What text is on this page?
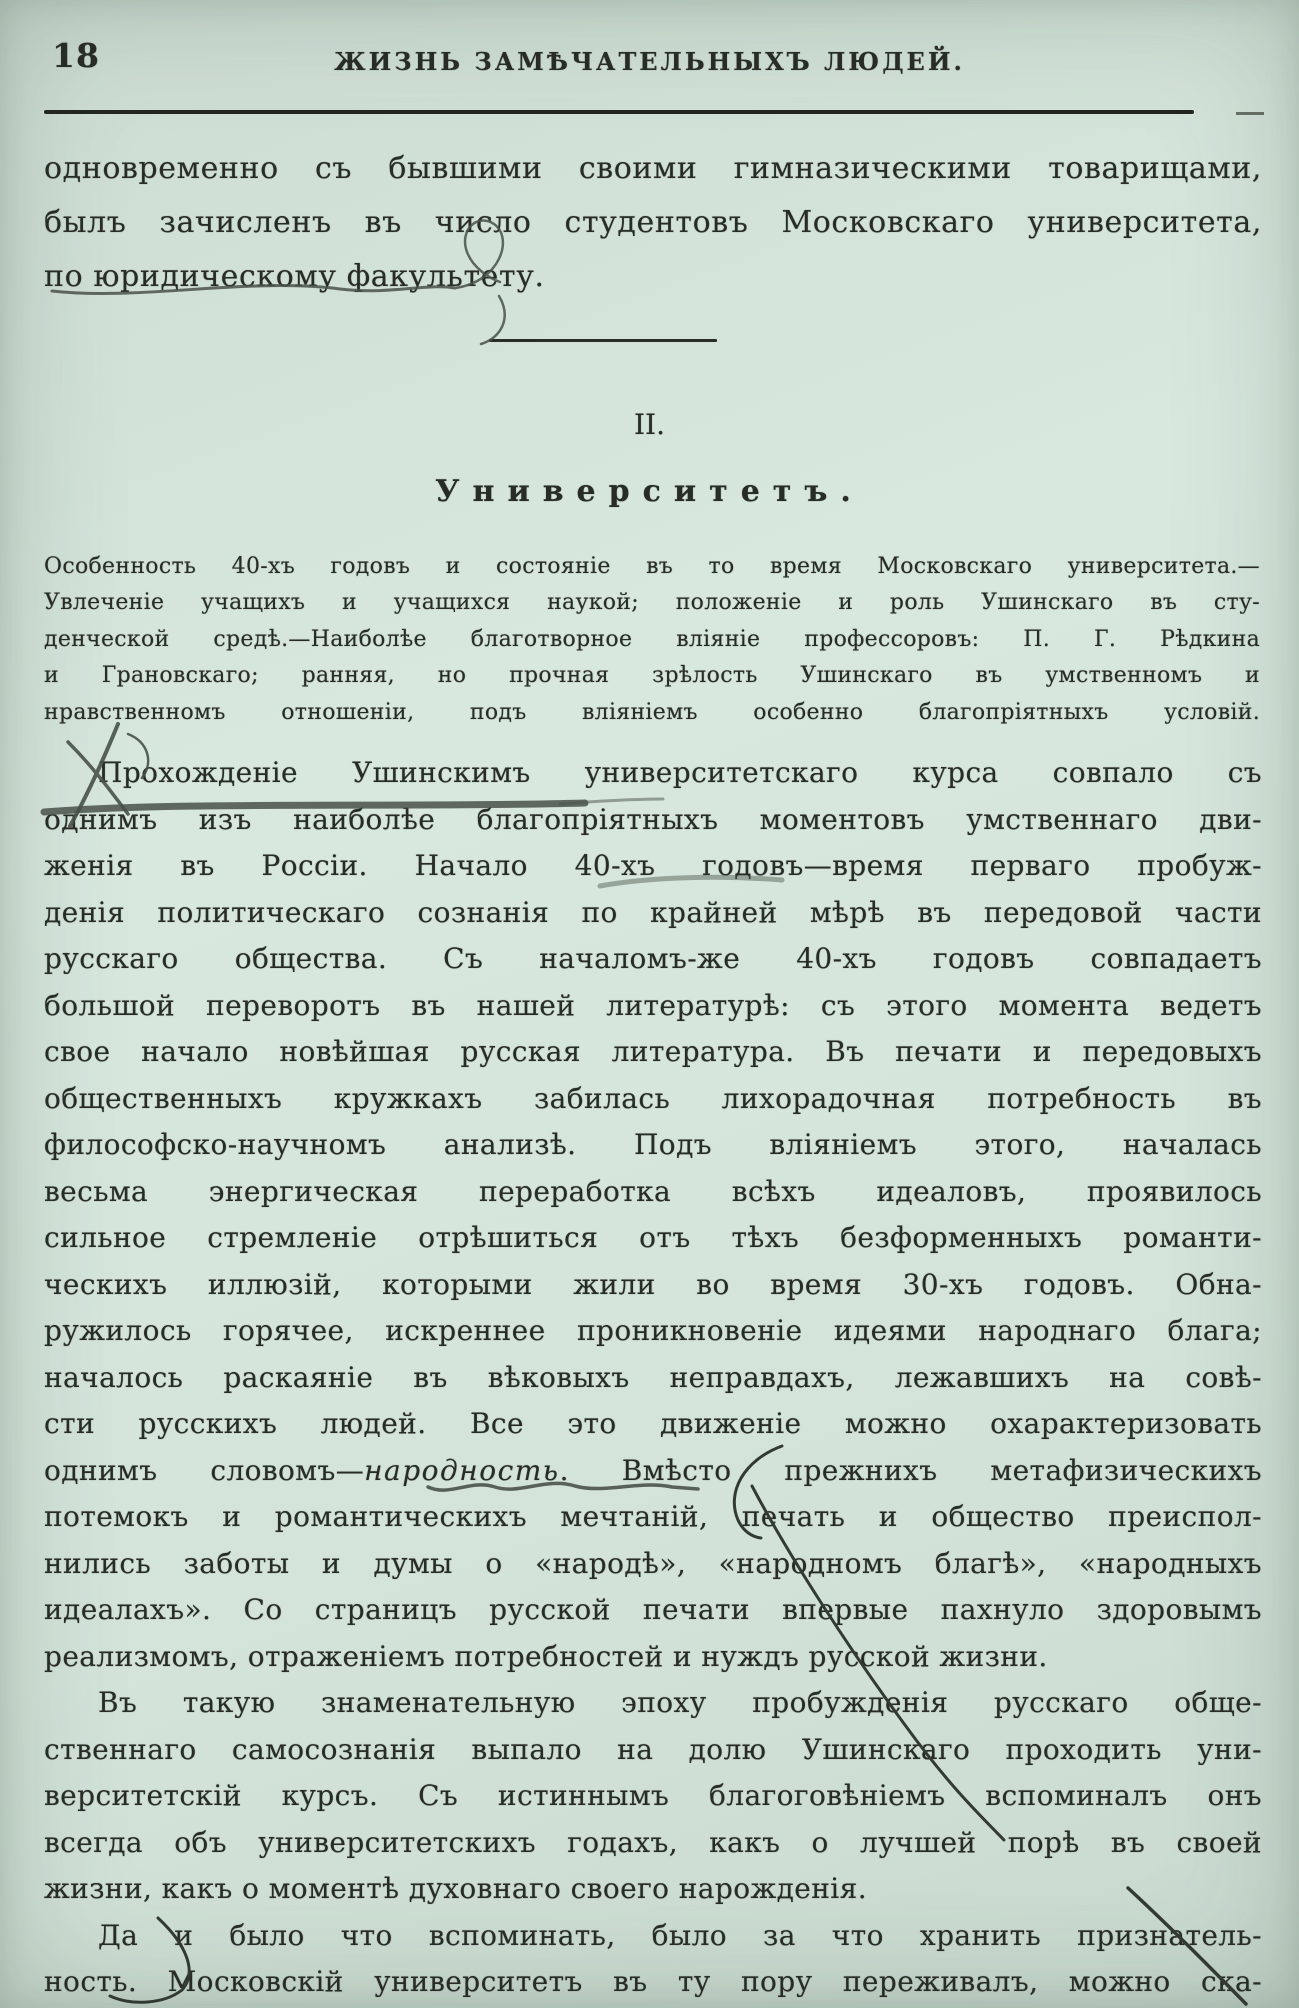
18	ЖИЗНЬ ЗАМѢЧАТЕЛЬНЫХЪ ЛЮДЕЙ.
одновременно съ бывшими своими гимназическими товарищами,
былъ зачисленъ въ число студентовъ Московскаго университета,
по юридическому факультету.
II.
Университетъ.
Особенность 40-хъ годовъ и состояніе въ то время Московскаго университета.—
Увлеченіе учащихъ и учащихся наукой; положеніе и роль Ушинскаго въ сту-
денческой средѣ.—Наиболѣе благотворное вліяніе профессоровъ: П. Г. Рѣдкина
и Грановскаго; ранняя, но прочная зрѣлость Ушинскаго въ умственномъ и
нравственномъ отношеніи, подъ вліяніемъ особенно благопріятныхъ условій.
Прохожденіе Ушинскимъ университетскаго курса совпало съ
однимъ изъ наиболѣе благопріятныхъ моментовъ умственнаго дви-
женія въ Россіи. Начало 40-хъ годовъ—время перваго пробуж-
денія политическаго сознанія по крайней мѣрѣ въ передовой части
русскаго общества. Съ началомъ-же 40-хъ годовъ совпадаетъ
большой переворотъ въ нашей литературѣ: съ этого момента ведетъ
свое начало новѣйшая русская литература. Въ печати и передовыхъ
общественныхъ кружкахъ забилась лихорадочная потребность въ
философско-научномъ анализѣ. Подъ вліяніемъ этого, началась
весьма энергическая переработка всѣхъ идеаловъ, проявилось
сильное стремленіе отрѣшиться отъ тѣхъ безформенныхъ романти-
ческихъ иллюзій, которыми жили во время 30-хъ годовъ. Обна-
ружилось горячее, искреннее проникновеніе идеями народнаго блага;
началось раскаяніе въ вѣковыхъ неправдахъ, лежавшихъ на совѣ-
сти русскихъ людей. Все это движеніе можно охарактеризовать
однимъ словомъ—народность. Вмѣсто прежнихъ метафизическихъ
потемокъ и романтическихъ мечтаній, печать и общество преиспол-
нились заботы и думы о «народѣ», «народномъ благѣ», «народныхъ
идеалахъ». Со страницъ русской печати впервые пахнуло здоровымъ
реализмомъ, отраженіемъ потребностей и нуждъ русской жизни.
Въ такую знаменательную эпоху пробужденія русскаго обще-
ственнаго самосознанія выпало на долю Ушинскаго проходить уни-
верситетскій курсъ. Съ истиннымъ благоговѣніемъ вспоминалъ онъ
всегда объ университетскихъ годахъ, какъ о лучшей порѣ въ своей
жизни, какъ о моментѣ духовнаго своего нарожденія.
Да и было что вспоминать, было за что хранить признатель-
ность. Московскій университетъ въ ту пору переживалъ, можно ска-
